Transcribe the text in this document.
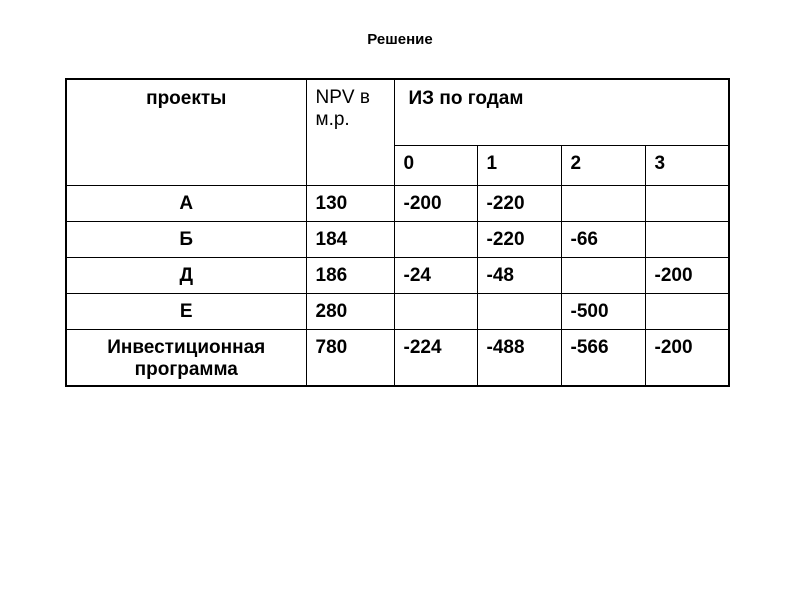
Решение
проекты	NPV в м.р.	ИЗ по годам			
		0	1	2	3
А	130	-200	-220		
Б	184		-220	-66	
Д	186	-24	-48		-200
Е	280			-500	
Инвестиционная программа	780	-224	-488	-566	-200
